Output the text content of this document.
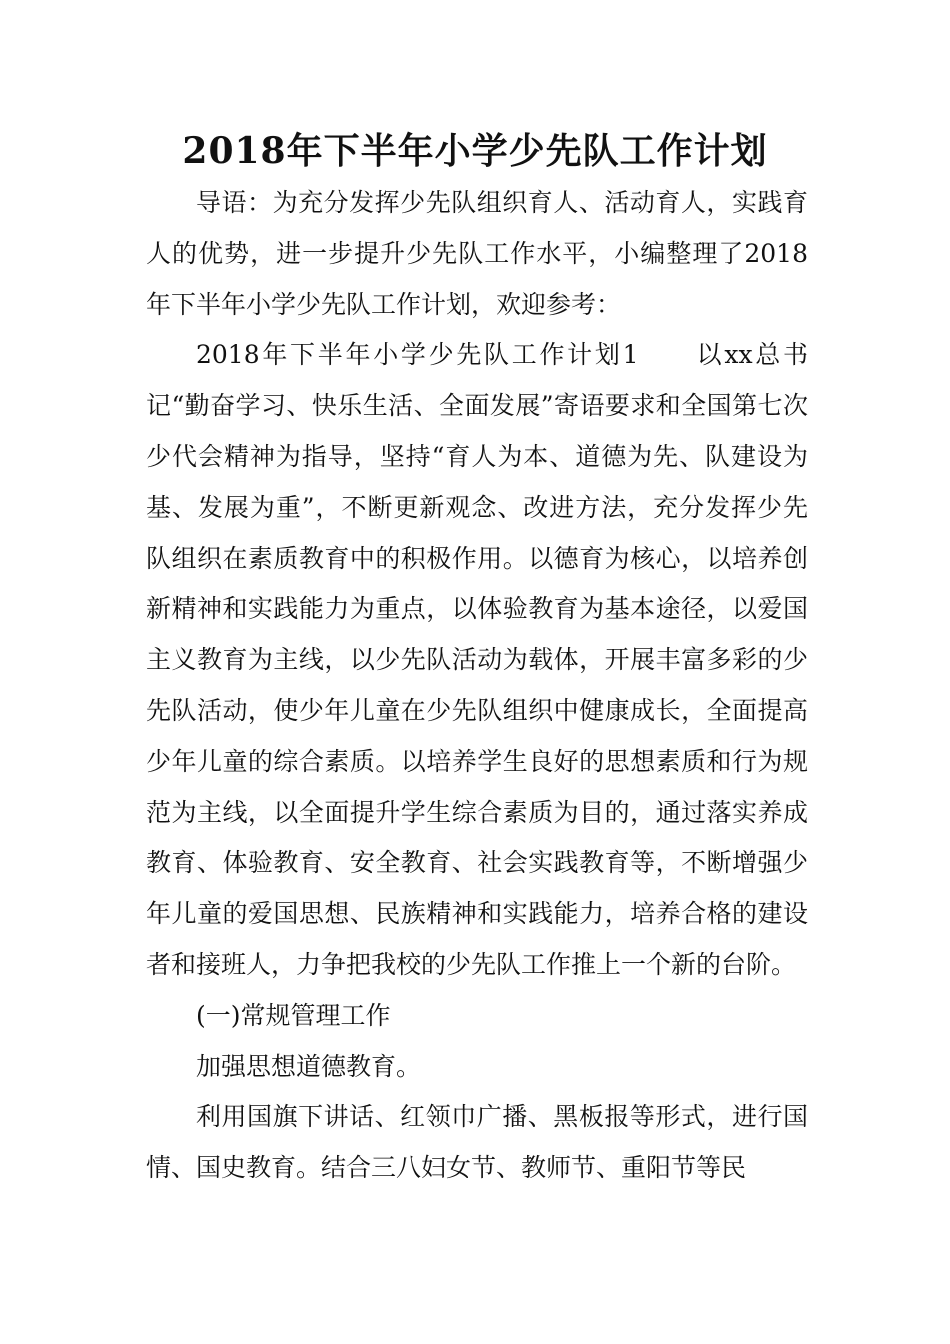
2018年下半年小学少先队工作计划

导语：为充分发挥少先队组织育人、活动育人，实践育人的优势，进一步提升少先队工作水平，小编整理了2018年下半年小学少先队工作计划，欢迎参考：

2018年下半年小学少先队工作计划1　　以xx总书记“勤奋学习、快乐生活、全面发展”寄语要求和全国第七次少代会精神为指导，坚持“育人为本、道德为先、队建设为基、发展为重”，不断更新观念、改进方法，充分发挥少先队组织在素质教育中的积极作用。以德育为核心，以培养创新精神和实践能力为重点，以体验教育为基本途径，以爱国主义教育为主线，以少先队活动为载体，开展丰富多彩的少先队活动，使少年儿童在少先队组织中健康成长，全面提高少年儿童的综合素质。以培养学生良好的思想素质和行为规范为主线，以全面提升学生综合素质为目的，通过落实养成教育、体验教育、安全教育、社会实践教育等，不断增强少年儿童的爱国思想、民族精神和实践能力，培养合格的建设者和接班人，力争把我校的少先队工作推上一个新的台阶。

(一)常规管理工作

加强思想道德教育。

利用国旗下讲话、红领巾广播、黑板报等形式，进行国情、国史教育。结合三八妇女节、教师节、重阳节等民
